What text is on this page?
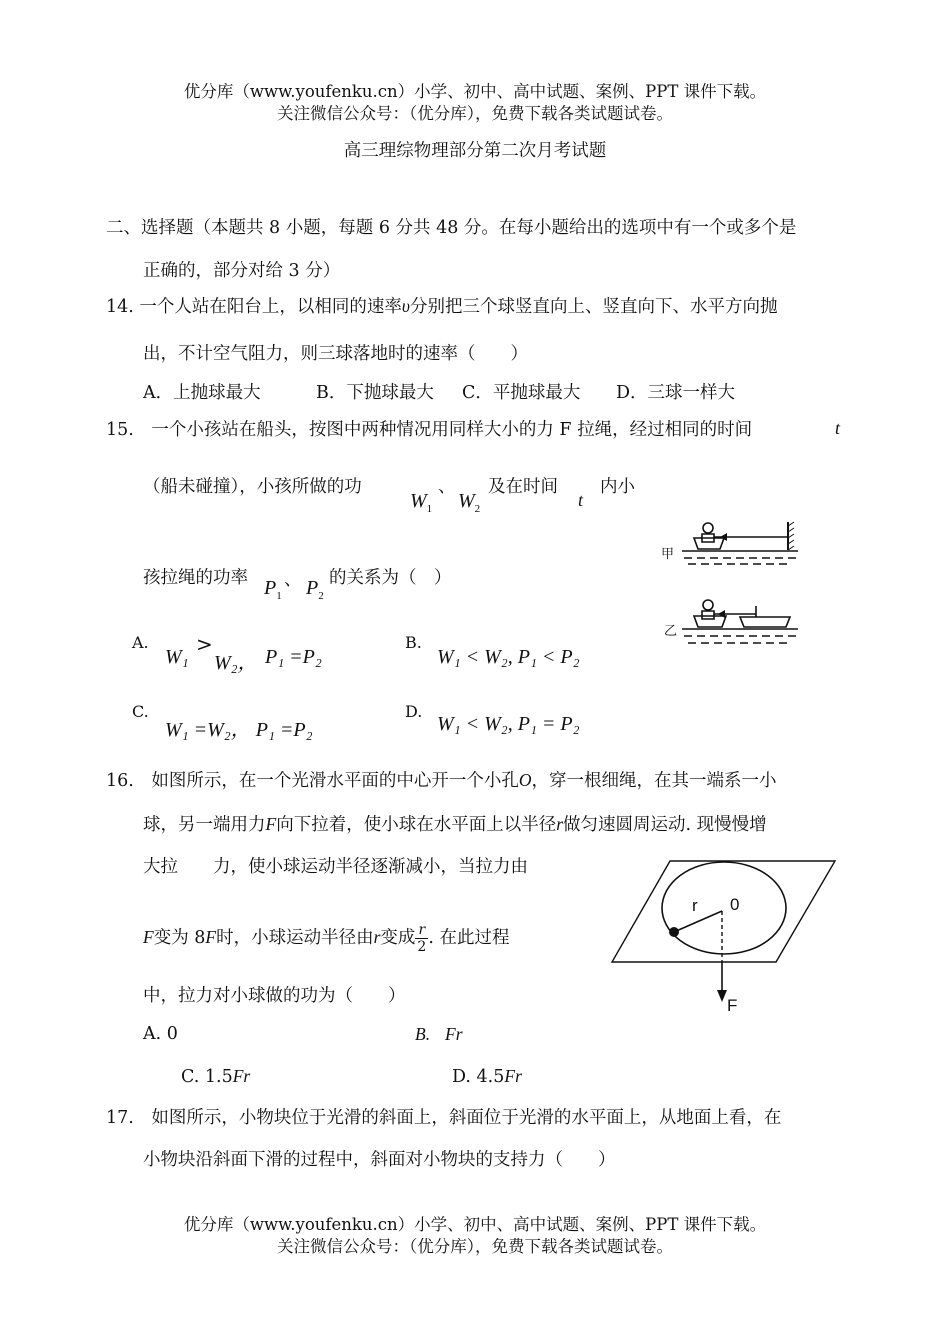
优分库（www.youfenku.cn）小学、初中、高中试题、案例、PPT 课件下载。
关注微信公众号：（优分库），免费下载各类试题试卷。
高三理综物理部分第二次月考试题
二、选择题（本题共 8 小题，每题 6 分共 48 分。在每小题给出的选项中有一个或多个是
正确的，部分对给 3 分）
14. 一个人站在阳台上，以相同的速率υ分别把三个球竖直向上、竖直向下、水平方向抛
出，不计空气阻力，则三球落地时的速率（　　）
A．上抛球最大	B．下抛球最大 C．平抛球最大 D．三球一样大
15.　一个小孩站在船头，按图中两种情况用同样大小的力 F 拉绳，经过相同的时间	t
（船未碰撞），小孩所做的功
$W_1$
、
$W_2$
及在时间
t
内小
孩拉绳的功率 $P_1$
、 $P_2$
的关系为（　）
A. >
W₁ W₂， P₁ =P₂
B.
W₁ < W₂, P₁ < P₂
C.
W₁ =W₂， P₁ =P₂
D.
W₁ < W₂, P₁ = P₂
甲
乙
16.　如图所示，在一个光滑水平面的中心开一个小孔O，穿一根细绳，在其一端系一小
球，另一端用力F向下拉着，使小球在水平面上以半径r做匀速圆周运动. 现慢慢增
大拉　　力，使小球运动半径逐渐减小，当拉力由
F变为 8F时，小球运动半径由r变成 $\frac{r}{2}$ . 在此过程
中，拉力对小球做的功为（　　）
A. 0	B. Fr
C. 1.5Fr	D. 4.5Fr
r 0
F
17.　如图所示，小物块位于光滑的斜面上，斜面位于光滑的水平面上，从地面上看，在
小物块沿斜面下滑的过程中，斜面对小物块的支持力（　　）
优分库（www.youfenku.cn）小学、初中、高中试题、案例、PPT 课件下载。
关注微信公众号：（优分库），免费下载各类试题试卷。
